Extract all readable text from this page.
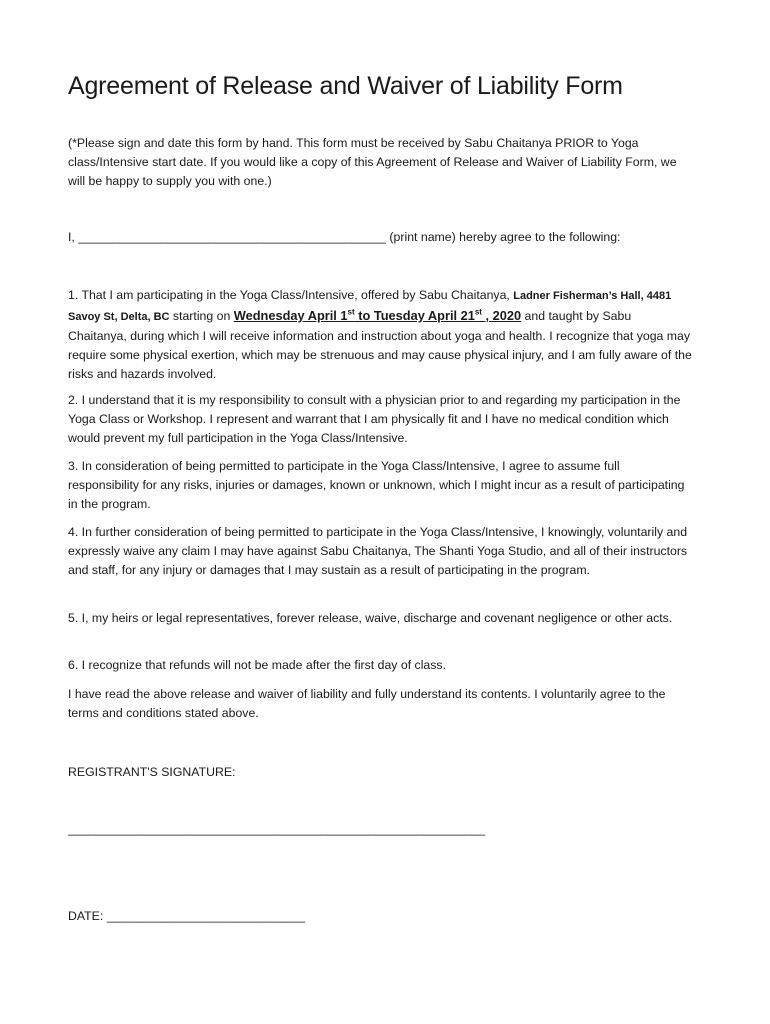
Agreement of Release and Waiver of Liability Form

(*Please sign and date this form by hand. This form must be received by Sabu Chaitanya PRIOR to Yoga class/Intensive start date. If you would like a copy of this Agreement of Release and Waiver of Liability Form, we will be happy to supply you with one.)

I, _____________________________________________ (print name) hereby agree to the following:

1. That I am participating in the Yoga Class/Intensive, offered by Sabu Chaitanya, Ladner Fisherman’s Hall, 4481 Savoy St, Delta, BC starting on Wednesday April 1st to Tuesday April 21st , 2020 and taught by Sabu Chaitanya, during which I will receive information and instruction about yoga and health. I recognize that yoga may require some physical exertion, which may be strenuous and may cause physical injury, and I am fully aware of the risks and hazards involved.

2. I understand that it is my responsibility to consult with a physician prior to and regarding my participation in the Yoga Class or Workshop. I represent and warrant that I am physically fit and I have no medical condition which would prevent my full participation in the Yoga Class/Intensive.

3. In consideration of being permitted to participate in the Yoga Class/Intensive, I agree to assume full responsibility for any risks, injuries or damages, known or unknown, which I might incur as a result of participating in the program.

4. In further consideration of being permitted to participate in the Yoga Class/Intensive, I knowingly, voluntarily and expressly waive any claim I may have against Sabu Chaitanya, The Shanti Yoga Studio, and all of their instructors and staff, for any injury or damages that I may sustain as a result of participating in the program.

5. I, my heirs or legal representatives, forever release, waive, discharge and covenant negligence or other acts.

6. I recognize that refunds will not be made after the first day of class.

I have read the above release and waiver of liability and fully understand its contents. I voluntarily agree to the terms and conditions stated above.

REGISTRANT'S SIGNATURE:

_____________________________________________________________

DATE: _____________________________
